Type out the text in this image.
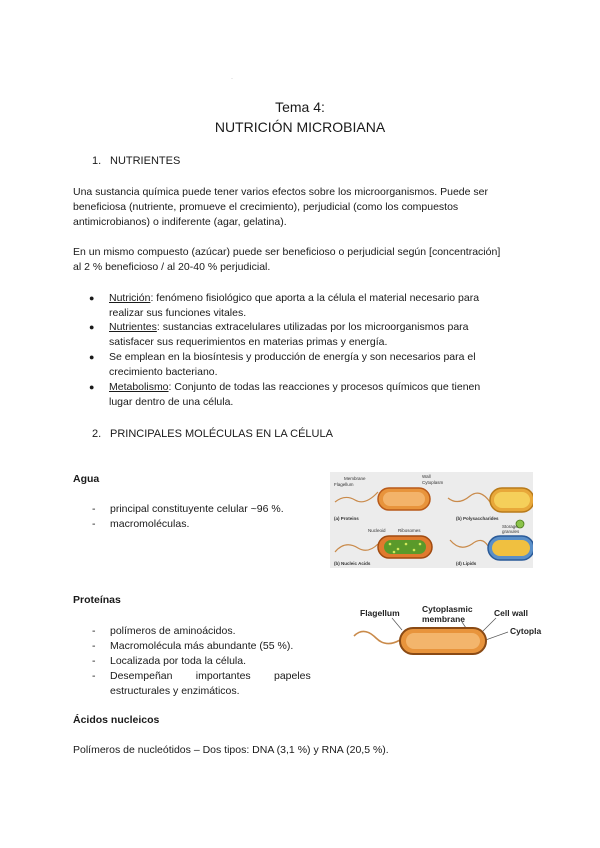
·
Tema 4:
NUTRICIÓN MICROBIANA
1. NUTRIENTES
Una sustancia química puede tener varios efectos sobre los microorganismos. Puede ser
beneficiosa (nutriente, promueve el crecimiento), perjudicial (como los compuestos
antimicrobianos) o indiferente (agar, gelatina).
En un mismo compuesto (azúcar) puede ser beneficioso o perjudicial según [concentración]
al 2 % beneficioso / al 20-40 % perjudicial.
● Nutrición: fenómeno fisiológico que aporta a la célula el material necesario para
realizar sus funciones vitales.
● Nutrientes: sustancias extracelulares utilizadas por los microorganismos para
satisfacer sus requerimientos en materias primas y energía.
● Se emplean en la biosíntesis y producción de energía y son necesarios para el
crecimiento bacteriano.
● Metabolismo: Conjunto de todas las reacciones y procesos químicos que tienen
lugar dentro de una célula.
2. PRINCIPALES MOLÉCULAS EN LA CÉLULA
Agua
- principal constituyente celular ~96 %.
- macromoléculas.
Membrane
Flagellum
Wall
Cytoplasm
(a) Proteins	(b) Polysaccharides
Nucleoid	Ribosomes
(b) Nucleic Acids	(d) Lipids
Storage
granules
Proteínas
- polímeros de aminoácidos.
- Macromolécula más abundante (55 %).
- Localizada por toda la célula.
- Desempeñan        importantes        papeles
estructurales y enzimáticos.
Flagellum	Cytoplasmic
membrane
Cell wall
Cytopla
Ácidos nucleicos
Polímeros de nucleótidos – Dos tipos: DNA (3,1 %) y RNA (20,5 %).
